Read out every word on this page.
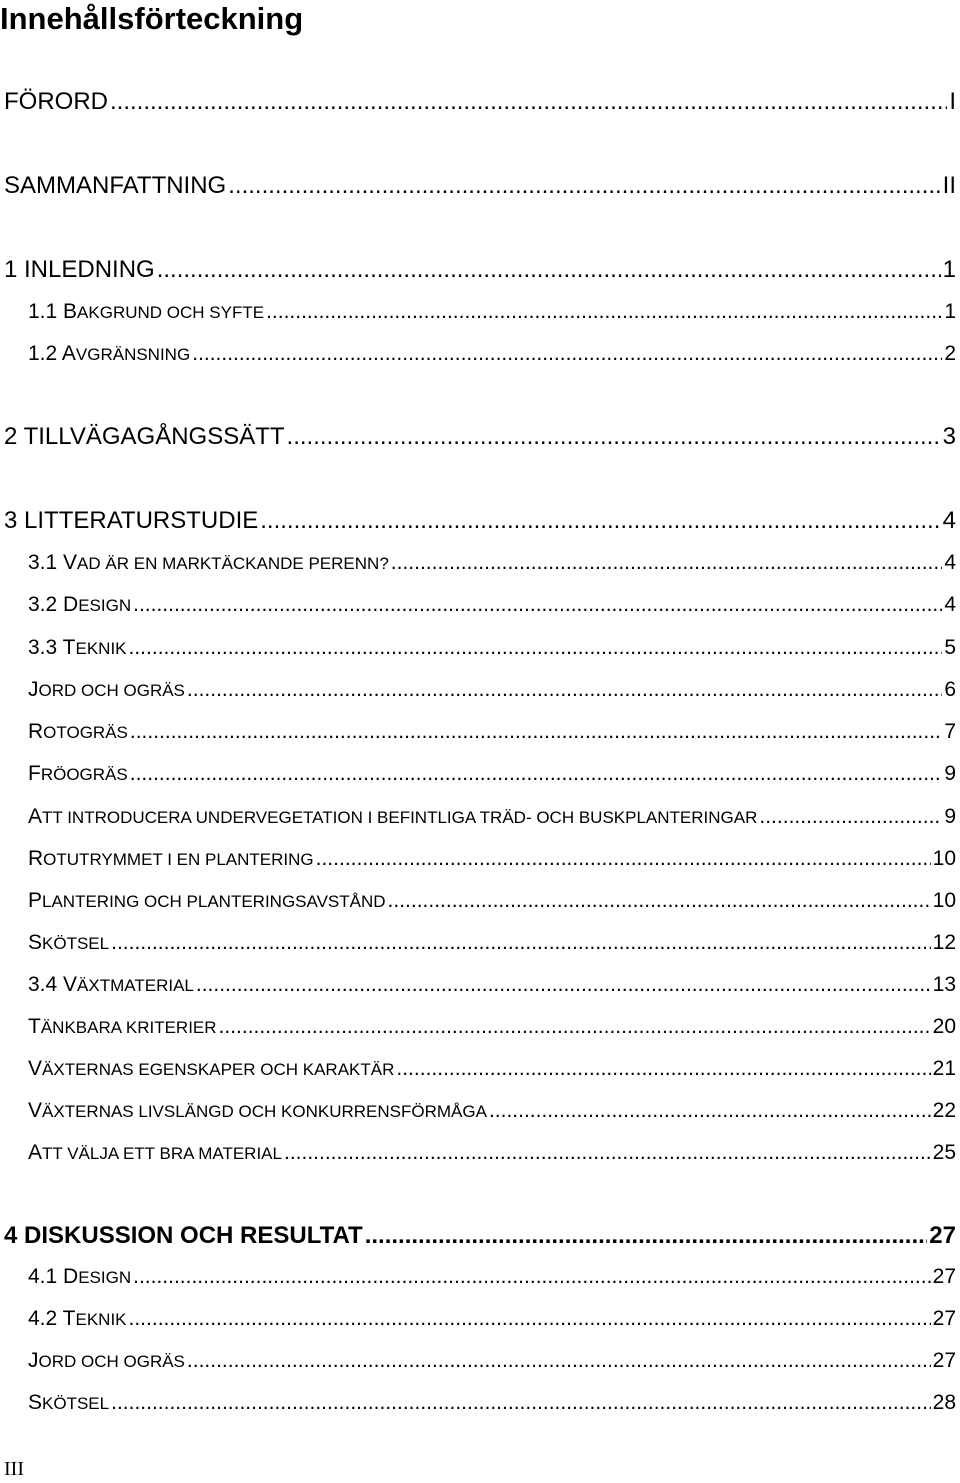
Innehållsförteckning
FÖRORD .....	I
SAMMANFATTNING .....	II
1 INLEDNING .....	1
1.1 BAKGRUND OCH SYFTE .....	1
1.2 AVGRÄNSNING .....	2
2 TILLVÄGAGÅNGSSÄTT .....	3
3 LITTERATURSTUDIE .....	4
3.1 VAD ÄR EN MARKTÄCKANDE PERENN? .....	4
3.2 DESIGN .....	4
3.3 TEKNIK .....	5
JORD OCH OGRÄS .....	6
ROTOGRÄS .....	7
FRÖOGRÄS .....	9
ATT INTRODUCERA UNDERVEGETATION I BEFINTLIGA TRÄD- OCH BUSKPLANTERINGAR .....	9
ROTUTRYMMET I EN PLANTERING .....	10
PLANTERING OCH PLANTERINGSAVSTÅND .....	10
SKÖTSEL .....	12
3.4 VÄXTMATERIAL .....	13
TÄNKBARA KRITERIER .....	20
VÄXTERNAS EGENSKAPER OCH KARAKTÄR .....	21
VÄXTERNAS LIVSLÄNGD OCH KONKURRENSFÖRMÅGA .....	22
ATT VÄLJA ETT BRA MATERIAL .....	25
4 DISKUSSION OCH RESULTAT .....	27
4.1 DESIGN .....	27
4.2 TEKNIK .....	27
JORD OCH OGRÄS .....	27
SKÖTSEL .....	28
III
